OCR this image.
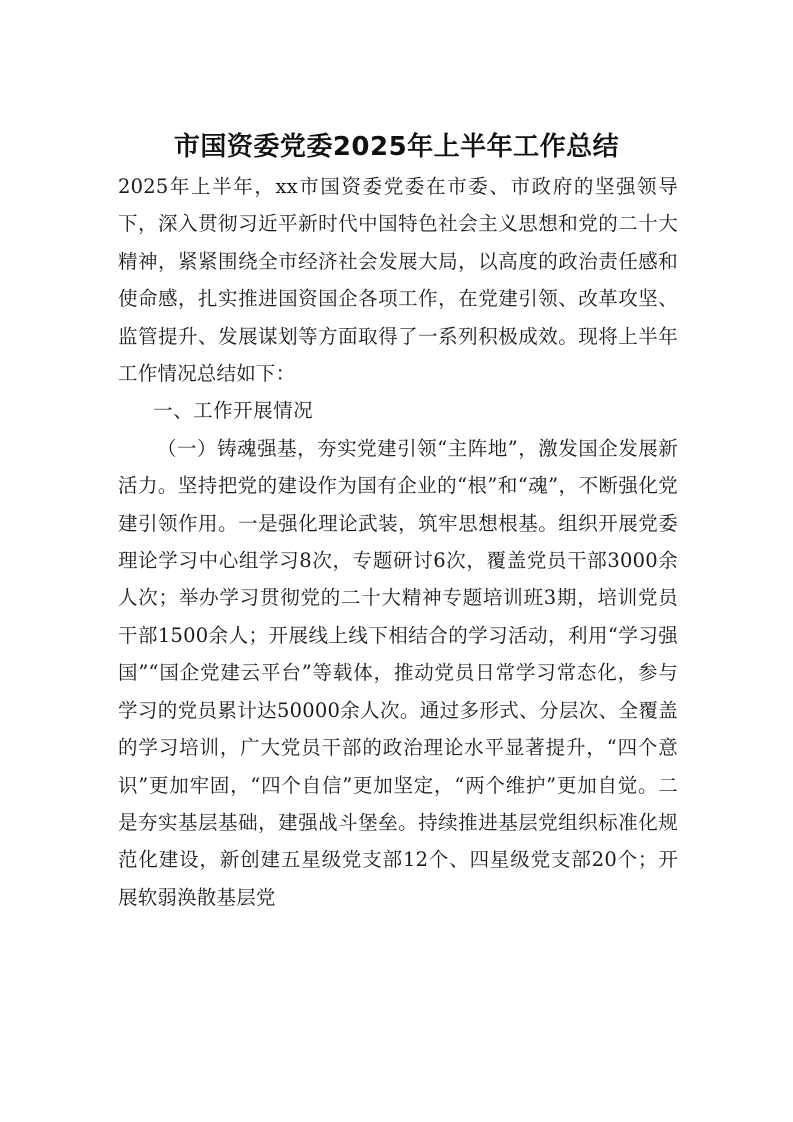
市国资委党委2025年上半年工作总结

2025年上半年，xx市国资委党委在市委、市政府的坚强领导下，深入贯彻习近平新时代中国特色社会主义思想和党的二十大精神，紧紧围绕全市经济社会发展大局，以高度的政治责任感和使命感，扎实推进国资国企各项工作，在党建引领、改革攻坚、监管提升、发展谋划等方面取得了一系列积极成效。现将上半年工作情况总结如下：

一、工作开展情况

（一）铸魂强基，夯实党建引领“主阵地”，激发国企发展新活力。坚持把党的建设作为国有企业的“根”和“魂”，不断强化党建引领作用。一是强化理论武装，筑牢思想根基。组织开展党委理论学习中心组学习8次，专题研讨6次，覆盖党员干部3000余人次；举办学习贯彻党的二十大精神专题培训班3期，培训党员干部1500余人；开展线上线下相结合的学习活动，利用“学习强国”“国企党建云平台”等载体，推动党员日常学习常态化，参与学习的党员累计达50000余人次。通过多形式、分层次、全覆盖的学习培训，广大党员干部的政治理论水平显著提升，“四个意识”更加牢固，“四个自信”更加坚定，“两个维护”更加自觉。二是夯实基层基础，建强战斗堡垒。持续推进基层党组织标准化规范化建设，新创建五星级党支部12个、四星级党支部20个；开展软弱涣散基层党
